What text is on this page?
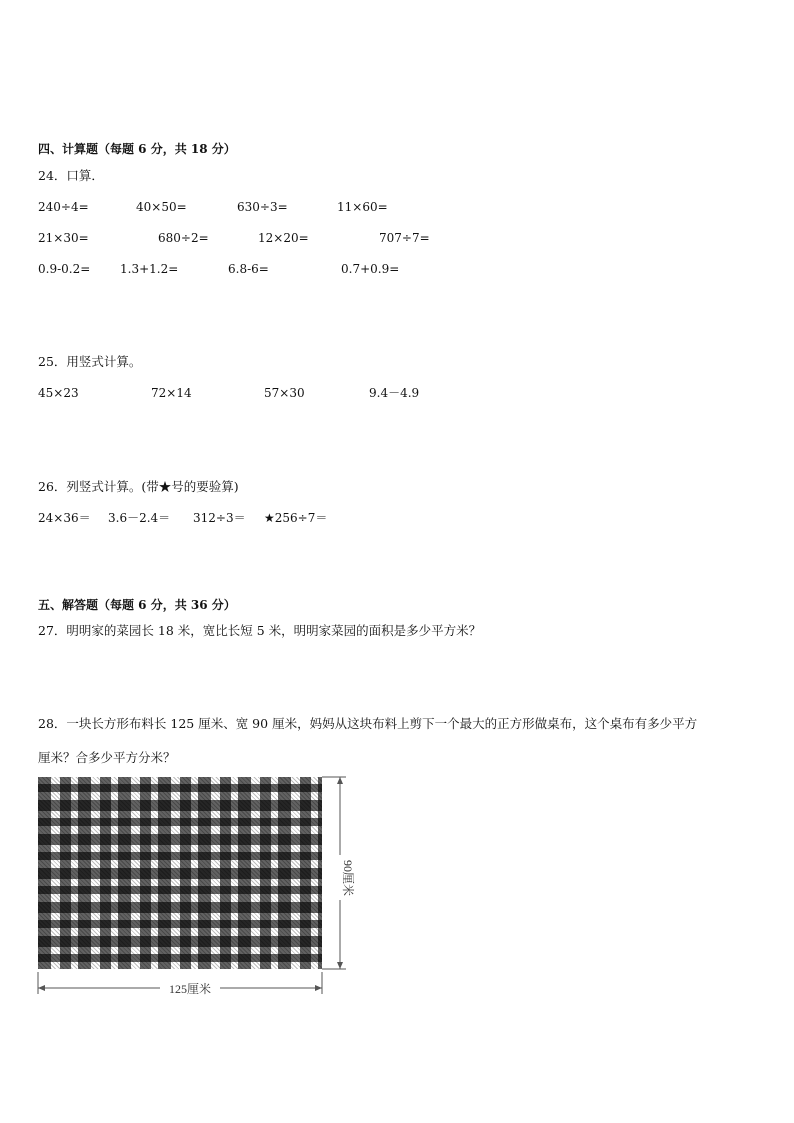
四、计算题（每题 6 分，共 18 分）
24．口算．
240÷4=	40×50=	630÷3=	11×60=
21×30=	680÷2=	12×20=	707÷7=
0.9-0.2= 1.3+1.2=	6.8-6=	0.7+0.9=
25．用竖式计算。
45×23	72×14	57×30	9.4－4.9
26．列竖式计算。(带★号的要验算)
24×36＝ 3.6－2.4＝ 312÷3＝ ★256÷7＝
五、解答题（每题 6 分，共 36 分）
27．明明家的菜园长 18 米，宽比长短 5 米，明明家菜园的面积是多少平方米？
28．一块长方形布料长 125 厘米、宽 90 厘米，妈妈从这块布料上剪下一个最大的正方形做桌布，这个桌布有多少平方
厘米？合多少平方分米？
125厘米
90厘米
